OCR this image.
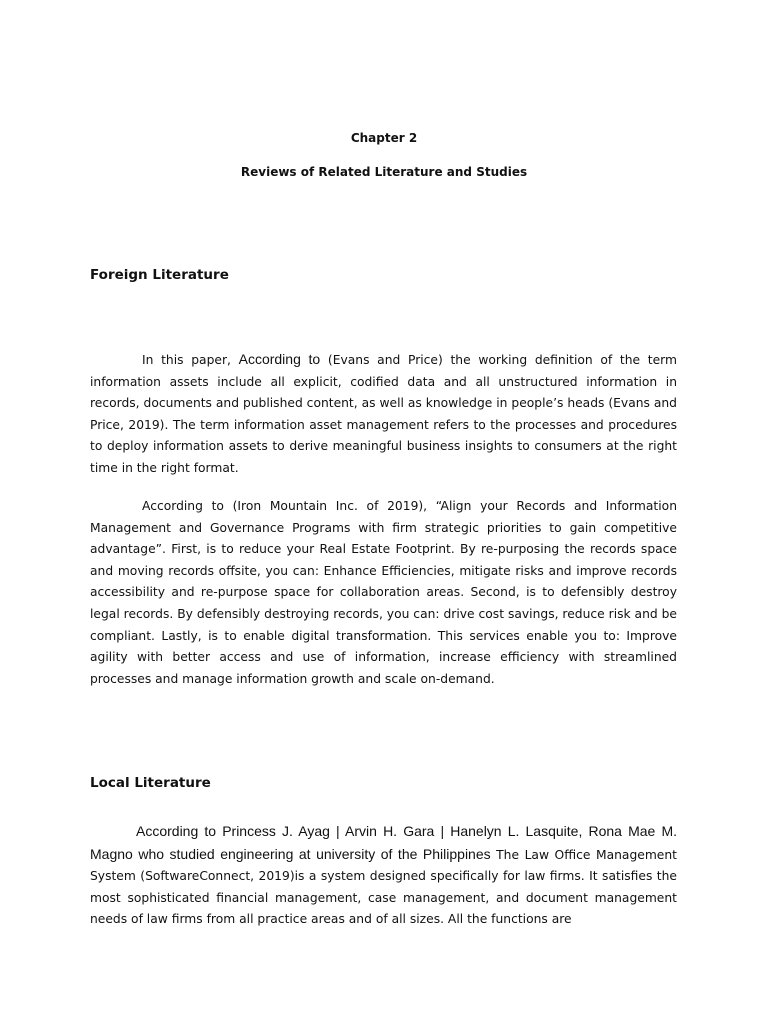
Chapter 2
Reviews of Related Literature and Studies
Foreign Literature

In this paper, According to (Evans and Price) the working definition of the term information assets include all explicit, codified data and all unstructured information in records, documents and published content, as well as knowledge in people’s heads (Evans and Price, 2019). The term information asset management refers to the processes and procedures to deploy information assets to derive meaningful business insights to consumers at the right time in the right format.

According to (Iron Mountain Inc. of 2019), “Align your Records and Information Management and Governance Programs with firm strategic priorities to gain competitive advantage”. First, is to reduce your Real Estate Footprint. By re-purposing the records space and moving records offsite, you can: Enhance Efficiencies, mitigate risks and improve records accessibility and re-purpose space for collaboration areas. Second, is to defensibly destroy legal records. By defensibly destroying records, you can: drive cost savings, reduce risk and be compliant. Lastly, is to enable digital transformation. This services enable you to: Improve agility with better access and use of information, increase efficiency with streamlined processes and manage information growth and scale on-demand.

Local Literature

According to Princess J. Ayag | Arvin H. Gara | Hanelyn L. Lasquite, Rona Mae M. Magno who studied engineering at university of the Philippines The Law Office Management System (SoftwareConnect, 2019)is a system designed specifically for law firms. It satisfies the most sophisticated financial management, case management, and document management needs of law firms from all practice areas and of all sizes. All the functions are
